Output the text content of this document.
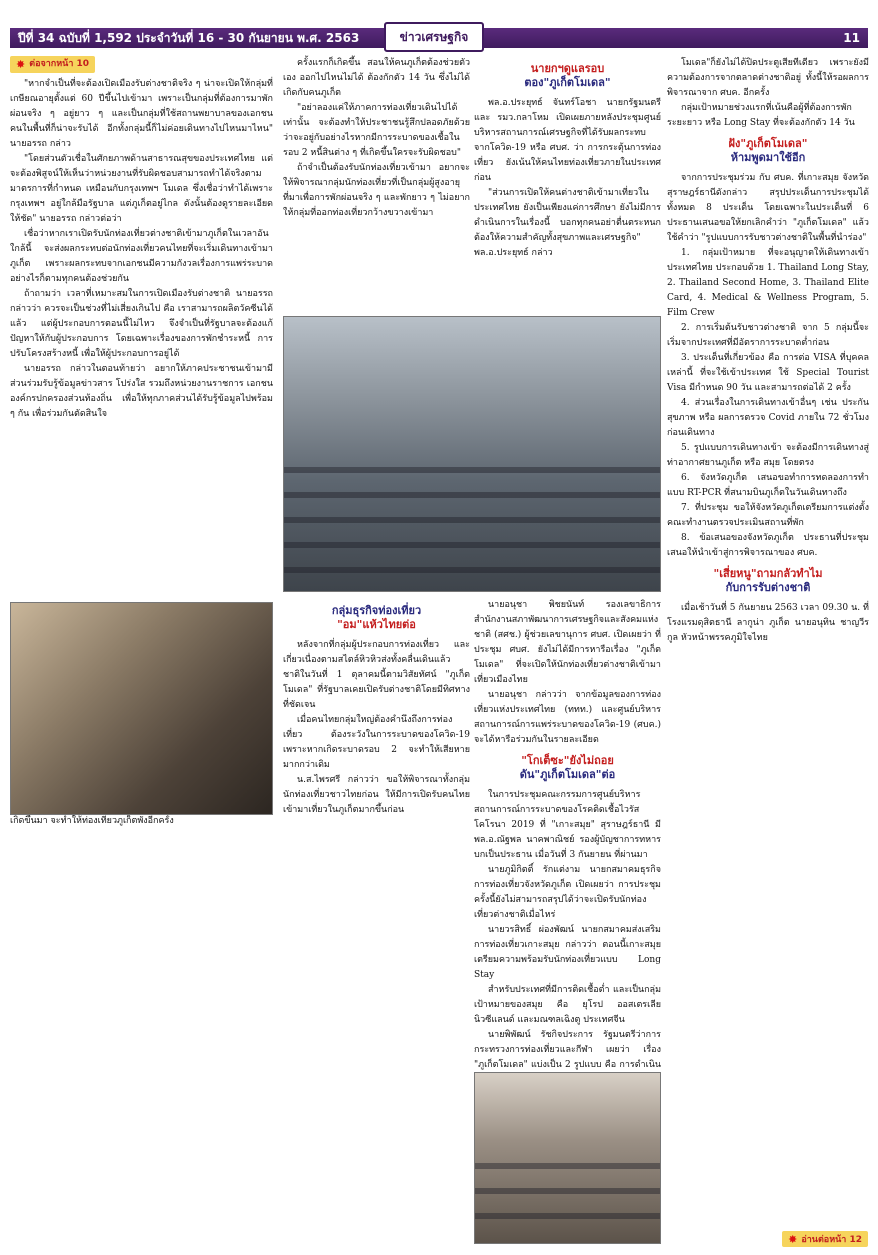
ปีที่ 34 ฉบับที่ 1,592 ประจำวันที่ 16 - 30 กันยายน พ.ศ. 2563	11
ข่าวเศรษฐกิจ
✸ ต่อจากหน้า 10

"หากจำเป็นที่จะต้องเปิดเมืองรับต่างชาติจริง ๆ น่าจะเปิดให้กลุ่มที่เกษียณอายุตั้งแต่ 60 ปีขึ้นไปเข้ามา เพราะเป็นกลุ่มที่ต้องการมาพักผ่อนจริง ๆ อยู่ยาว ๆ และเป็นกลุ่มที่ใช้สถานพยาบาลของเอกชน คนในพื้นที่ก็น่าจะรับได้ อีกทั้งกลุ่มนี้ก็ไม่ค่อยเดินทางไปไหนมาไหน" นายอรรถ กล่าว

"โดยส่วนตัวเชื่อในศักยภาพด้านสาธารณสุขของประเทศไทย แต่จะต้องพิสูจน์ให้เห็นว่าหน่วยงานที่รับผิดชอบสามารถทำได้จริงตามมาตรการที่กำหนด เหมือนกับกรุงเทพฯ โมเดล ซึ่งเชื่อว่าทำได้เพราะกรุงเทพฯ อยู่ใกล้มือรัฐบาล แต่ภูเก็ตอยู่ไกล ดังนั้นต้องดูรายละเอียดให้ชัด" นายอรรถ กล่าวต่อว่า

เชื่อว่าหากเราเปิดรับนักท่องเที่ยวต่างชาติเข้ามาภูเก็ตในเวลาอันใกล้นี้ จะส่งผลกระทบต่อนักท่องเที่ยวคนไทยที่จะเริ่มเดินทางเข้ามาภูเก็ต เพราะผลกระทบจากเอกชนมีความกังวลเรื่องการแพร่ระบาด อย่างไรก็ตามทุกคนต้องช่วยกัน

ถ้าถามว่า เวลาที่เหมาะสมในการเปิดเมืองรับต่างชาติ นายอรรถ กล่าวว่า ควรจะเป็นช่วงที่ไม่เสี่ยงเกินไป คือ เราสามารถผลิตวัคซีนได้แล้ว แต่ผู้ประกอบการตอนนี้ไม่ไหว จึงจำเป็นที่รัฐบาลจะต้องแก้ปัญหาให้กับผู้ประกอบการ โดยเฉพาะเรื่องของการพักชำระหนี้ การปรับโครงสร้างหนี้ เพื่อให้ผู้ประกอบการอยู่ได้

นายอรรถ กล่าวในตอนท้ายว่า อยากให้ภาคประชาชนเข้ามามีส่วนร่วมรับรู้ข้อมูลข่าวสาร โปร่งใส รวมถึงหน่วยงานราชการ เอกชน องค์กรปกครองส่วนท้องถิ่น เพื่อให้ทุกภาคส่วนได้รับรู้ข้อมูลไปพร้อม ๆ กัน เพื่อร่วมกันตัดสินใจ

เกิดขึ้นมา จะทำให้ท่องเที่ยวภูเก็ตพังอีกครั้ง

ครั้งแรกก็เกิดขึ้น สอนให้คนภูเก็ตต้องช่วยตัวเอง ออกไปไหนไม่ได้ ต้องกักตัว 14 วัน ซึ่งไม่ได้เกิดกับคนภูเก็ต

"อย่าลองแค่ให้ภาคการท่องเที่ยวเดินไปได้เท่านั้น จะต้องทำให้ประชาชนรู้สึกปลอดภัยด้วย ว่าจะอยู่กับอย่างไรหากมีการระบาดของเชื้อในรอบ 2 หนี้สินต่าง ๆ ที่เกิดขึ้นใครจะรับผิดชอบ"

ถ้าจำเป็นต้องรับนักท่องเที่ยวเข้ามา อยากจะให้พิจารณากลุ่มนักท่องเที่ยวที่เป็นกลุ่มผู้สูงอายุ ที่มาเพื่อการพักผ่อนจริง ๆ และพักยาว ๆ ไม่อยากให้กลุ่มที่ออกท่องเที่ยวกว้างขวางเข้ามา

กลุ่มธุรกิจท่องเที่ยว
"อม"แห้วไทยต่อ

หลังจากที่กลุ่มผู้ประกอบการท่องเที่ยว และเกี่ยวเนื่องตามสไตล์หิวหิวส่งทั้งคลื่นเดินแล้ว ชาติในวันที่ 1 ตุลาคมนี้ตามวิสัยทัศน์ "ภูเก็ตโมเดล" ที่รัฐบาลเคยเปิดรับต่างชาติโดยมีทิศทางที่ชัดเจน

เมื่อคนไทยกลุ่มใหญ่ต้องคำนึงถึงการท่องเที่ยว ต้องระวังในการระบาดของโควิด-19 เพราะหากเกิดระบาดรอบ 2 จะทำให้เสียหายมากกว่าเดิม

น.ส.ไพรศรี กล่าวว่า ขอให้พิจารณาทั้งกลุ่มนักท่องเที่ยวชาวไทยก่อน ให้มีการเปิดรับคนไทยเข้ามาเที่ยวในภูเก็ตมากขึ้นก่อน

นายกฯดูแลรอบ
ตอง"ภูเก็ตโมเดล"

พล.อ.ประยุทธ์ จันทร์โอชา นายกรัฐมนตรี และ รมว.กลาโหม เปิดเผยภายหลังประชุมศูนย์บริหารสถานการณ์เศรษฐกิจที่ได้รับผลกระทบจากโควิด-19 หรือ ศบศ. ว่า การกระตุ้นการท่องเที่ยว ยังเน้นให้คนไทยท่องเที่ยวภายในประเทศก่อน

"ส่วนการเปิดให้คนต่างชาติเข้ามาเที่ยวในประเทศไทย ยังเป็นเพียงแค่การศึกษา ยังไม่มีการดำเนินการในเรื่องนี้ บอกทุกคนอย่าตื่นตระหนก ต้องให้ความสำคัญทั้งสุขภาพและเศรษฐกิจ" พล.อ.ประยุทธ์ กล่าว

นายอนุชา พิชยนันท์ รองเลขาธิการสำนักงานสภาพัฒนาการเศรษฐกิจและสังคมแห่งชาติ (สศช.) ผู้ช่วยเลขานุการ ศบศ. เปิดเผยว่า ที่ประชุม ศบศ. ยังไม่ได้มีการหารือเรื่อง "ภูเก็ตโมเดล" ที่จะเปิดให้นักท่องเที่ยวต่างชาติเข้ามาเที่ยวเมืองไทย

นายอนุชา กล่าวว่า จากข้อมูลของการท่องเที่ยวแห่งประเทศไทย (ททท.) และศูนย์บริหารสถานการณ์การแพร่ระบาดของโควิด-19 (ศบค.) จะได้หารือร่วมกันในรายละเอียด

"โกเต็ซะ"ยังไม่ถอย
ดัน"ภูเก็ตโมเดล"ต่อ

ในการประชุมคณะกรรมการศูนย์บริหารสถานการณ์การระบาดของโรคติดเชื้อไวรัสโคโรนา 2019 ที่ "เกาะสมุย" สุราษฎร์ธานี มี พล.อ.ณัฐพล นาคพาณิชย์ รองผู้บัญชาการทหารบกเป็นประธาน เมื่อวันที่ 3 กันยายน ที่ผ่านมา

นายภูมิกิตติ์ รักแต่งาม นายกสมาคมธุรกิจการท่องเที่ยวจังหวัดภูเก็ต เปิดเผยว่า การประชุมครั้งนี้ยังไม่สามารถสรุปได้ว่าจะเปิดรับนักท่องเที่ยวต่างชาติเมื่อไหร่

นายวรสิทธิ์ ผ่องพัฒน์ นายกสมาคมส่งเสริมการท่องเที่ยวเกาะสมุย กล่าวว่า ตอนนี้เกาะสมุยเตรียมความพร้อมรับนักท่องเที่ยวแบบ Long Stay

สำหรับประเทศที่มีการติดเชื้อต่ำ และเป็นกลุ่มเป้าหมายของสมุย คือ ยุโรป ออสเตรเลีย นิวซีแลนด์ และมณฑลเฉิงตู ประเทศจีน

นายพิพัฒน์ รัชกิจประการ รัฐมนตรีว่าการกระทรวงการท่องเที่ยวและกีฬา เผยว่า เรื่อง "ภูเก็ตโมเดล" แบ่งเป็น 2 รูปแบบ คือ การดำเนิน

โมเดล"ก็ยังไม่ได้ปิดประตูเสียทีเดียว เพราะยังมีความต้องการจากตลาดต่างชาติอยู่ ทั้งนี้ให้รอผลการพิจารณาจาก ศบค. อีกครั้ง

กลุ่มเป้าหมายช่วงแรกที่เน้นคือผู้ที่ต้องการพักระยะยาว หรือ Long Stay ที่จะต้องกักตัว 14 วัน

ฝัง"ภูเก็ตโมเดล"
ห้ามพูดมาใช้อีก

จากการประชุมร่วม กับ ศบค. ที่เกาะสมุย จังหวัดสุราษฎร์ธานีดังกล่าว สรุปประเด็นการประชุมได้ทั้งหมด 8 ประเด็น โดยเฉพาะในประเด็นที่ 6 ประธานเสนอขอให้ยกเลิกคำว่า "ภูเก็ตโมเดล" แล้วใช้คำว่า "รูปแบบการรับชาวต่างชาติในพื้นที่นำร่อง"

1. กลุ่มเป้าหมาย ที่จะอนุญาตให้เดินทางเข้าประเทศไทย ประกอบด้วย 1. Thailand Long Stay, 2. Thailand Second Home, 3. Thailand Elite Card, 4. Medical & Wellness Program, 5. Film Crew

2. การเริ่มต้นรับชาวต่างชาติ จาก 5 กลุ่มนี้จะเริ่มจากประเทศที่มีอัตราการระบาดต่ำก่อน

3. ประเด็นที่เกี่ยวข้อง คือ การต่อ VISA ที่บุคคลเหล่านี้ ที่จะใช้เข้าประเทศ ใช้ Special Tourist Visa มีกำหนด 90 วัน และสามารถต่อได้ 2 ครั้ง

4. ส่วนเรื่องในการเดินทางเข้าอื่นๆ เช่น ประกันสุขภาพ หรือ ผลการตรวจ Covid ภายใน 72 ชั่วโมงก่อนเดินทาง

5. รูปแบบการเดินทางเข้า จะต้องมีการเดินทางสู่ท่าอากาศยานภูเก็ต หรือ สมุย โดยตรง

6. จังหวัดภูเก็ต เสนอขอทำการทดลองการทำแบบ RT-PCR ที่สนามบินภูเก็ตในวันเดินทางถึง

7. ที่ประชุม ขอให้จังหวัดภูเก็ตเตรียมการแต่งตั้งคณะทำงานตรวจประเมินสถานที่พัก

8. ข้อเสนอของจังหวัดภูเก็ต ประธานที่ประชุมเสนอให้นำเข้าสู่การพิจารณาของ ศบค.

"เสี่ยหนู"ถามกลัวทำไม
กับการรับต่างชาติ

เมื่อเช้าวันที่ 5 กันยายน 2563 เวลา 09.30 น. ที่โรงแรมดุสิตธานี ลากูน่า ภูเก็ต นายอนุทิน ชาญวีรกูล หัวหน้าพรรคภูมิใจไทย

✸ อ่านต่อหน้า 12
